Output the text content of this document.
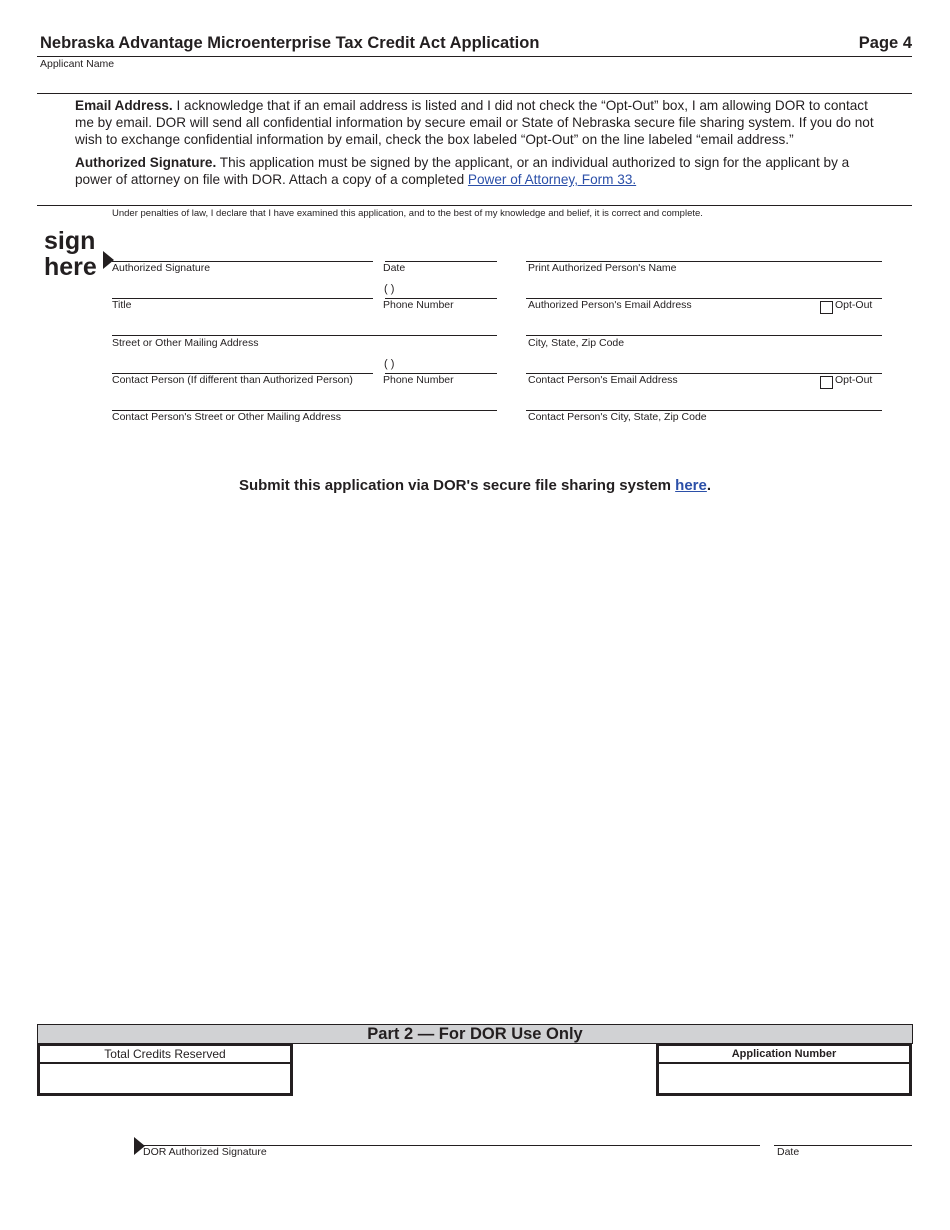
Nebraska Advantage Microenterprise Tax Credit Act Application	Page 4
Applicant Name
Email Address. I acknowledge that if an email address is listed and I did not check the “Opt-Out” box, I am allowing DOR to contact me by email. DOR will send all confidential information by secure email or State of Nebraska secure file sharing system. If you do not wish to exchange confidential information by email, check the box labeled “Opt-Out” on the line labeled “email address.”
Authorized Signature. This application must be signed by the applicant, or an individual authorized to sign for the applicant by a power of attorney on file with DOR. Attach a copy of a completed Power of Attorney, Form 33.
Under penalties of law, I declare that I have examined this application, and to the best of my knowledge and belief, it is correct and complete.
sign
here Authorized Signature	Date	Print Authorized Person's Name
( )
Title	Phone Number	Authorized Person's Email Address	Opt-Out
Street or Other Mailing Address	City, State, Zip Code
( )
Contact Person (If different than Authorized Person)	Phone Number	Contact Person's Email Address	Opt-Out
Contact Person's Street or Other Mailing Address	Contact Person's City, State, Zip Code
Submit this application via DOR's secure file sharing system here.
Part 2 — For DOR Use Only
Total Credits Reserved	Application Number
DOR Authorized Signature	Date
